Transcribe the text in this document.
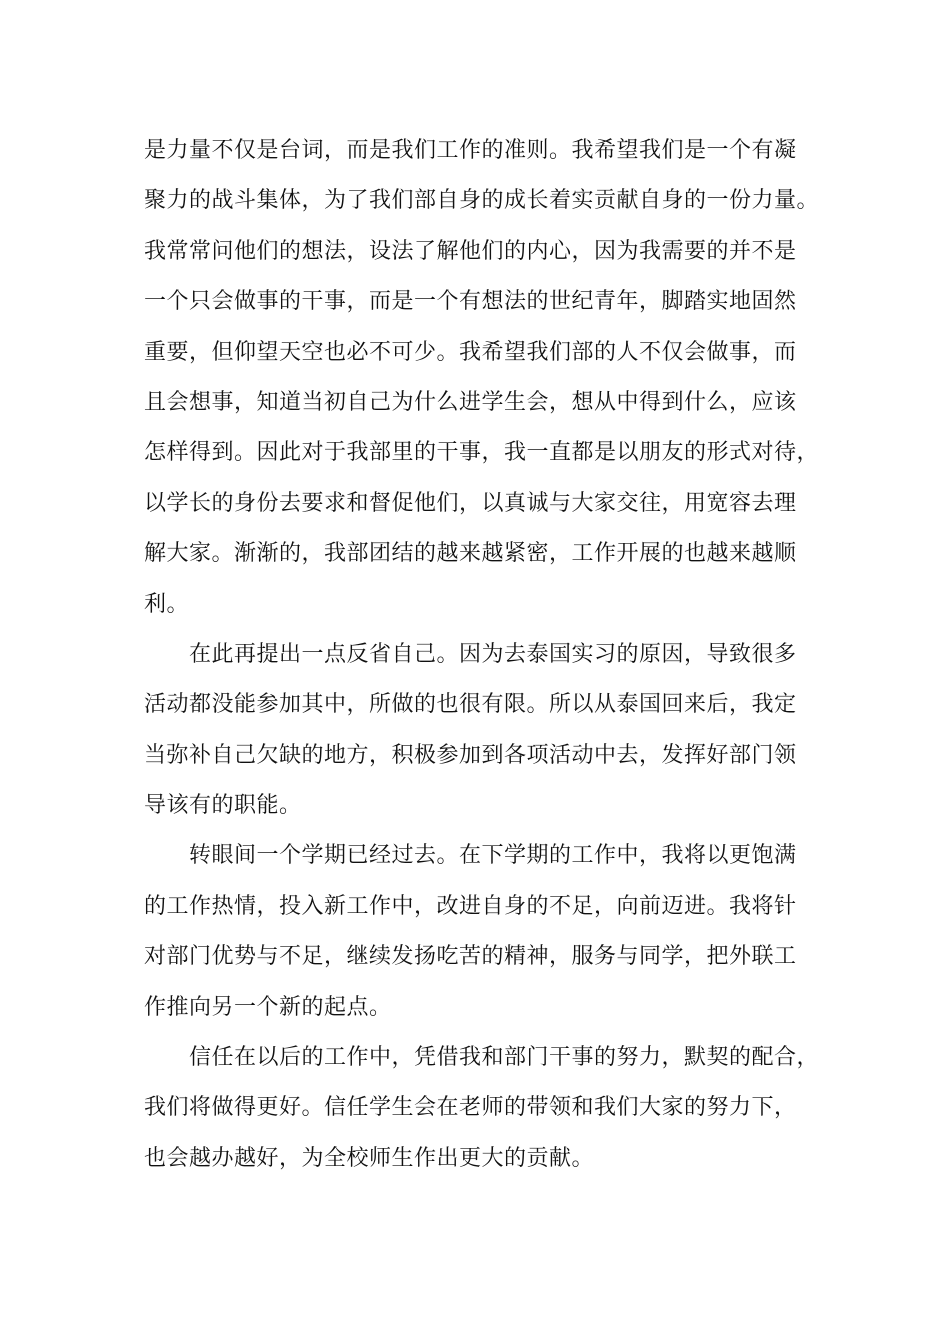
是力量不仅是台词，而是我们工作的准则。我希望我们是一个有凝
聚力的战斗集体，为了我们部自身的成长着实贡献自身的一份力量。
我常常问他们的想法，设法了解他们的内心，因为我需要的并不是
一个只会做事的干事，而是一个有想法的世纪青年，脚踏实地固然
重要，但仰望天空也必不可少。我希望我们部的人不仅会做事，而
且会想事，知道当初自己为什么进学生会，想从中得到什么，应该
怎样得到。因此对于我部里的干事，我一直都是以朋友的形式对待，
以学长的身份去要求和督促他们，以真诚与大家交往，用宽容去理
解大家。渐渐的，我部团结的越来越紧密，工作开展的也越来越顺
利。
　　在此再提出一点反省自己。因为去泰国实习的原因，导致很多
活动都没能参加其中，所做的也很有限。所以从泰国回来后，我定
当弥补自己欠缺的地方，积极参加到各项活动中去，发挥好部门领
导该有的职能。
　　转眼间一个学期已经过去。在下学期的工作中，我将以更饱满
的工作热情，投入新工作中，改进自身的不足，向前迈进。我将针
对部门优势与不足，继续发扬吃苦的精神，服务与同学，把外联工
作推向另一个新的起点。
　　信任在以后的工作中，凭借我和部门干事的努力，默契的配合，
我们将做得更好。信任学生会在老师的带领和我们大家的努力下，
也会越办越好，为全校师生作出更大的贡献。
